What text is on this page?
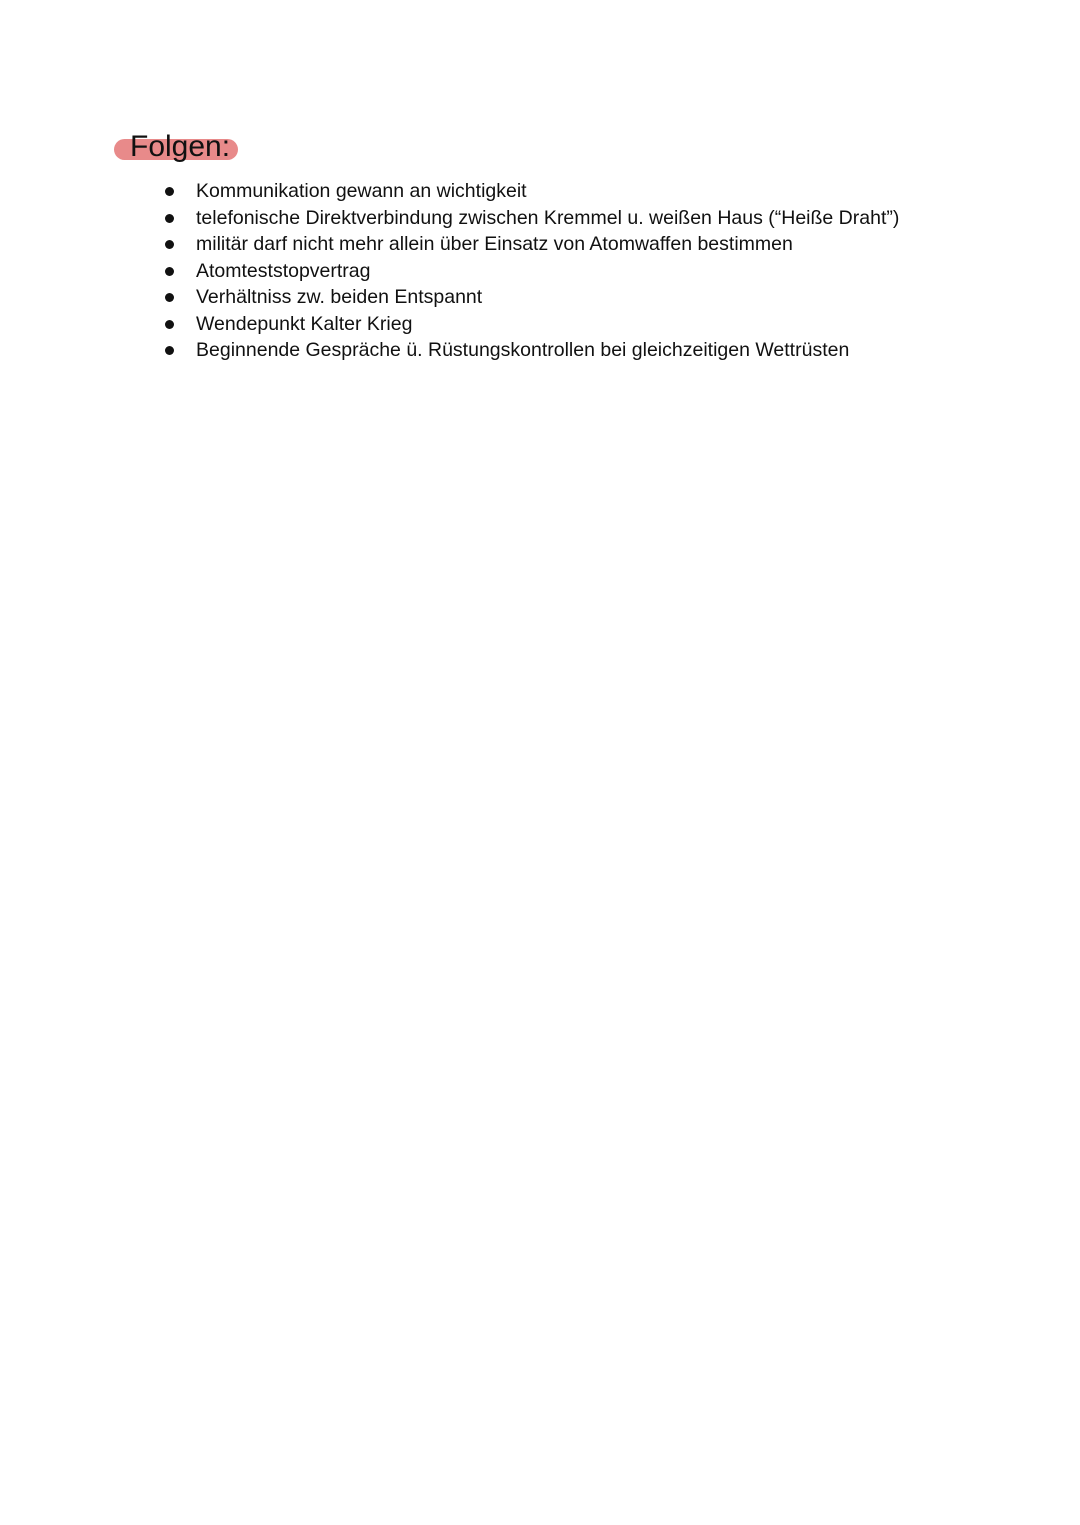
Folgen:
Kommunikation gewann an wichtigkeit
telefonische Direktverbindung zwischen Kremmel u. weißen Haus (“Heiße Draht”)
militär darf nicht mehr allein über Einsatz von Atomwaffen bestimmen
Atomteststopvertrag
Verhältniss zw. beiden Entspannt
Wendepunkt Kalter Krieg
Beginnende Gespräche ü. Rüstungskontrollen bei gleichzeitigen Wettrüsten
